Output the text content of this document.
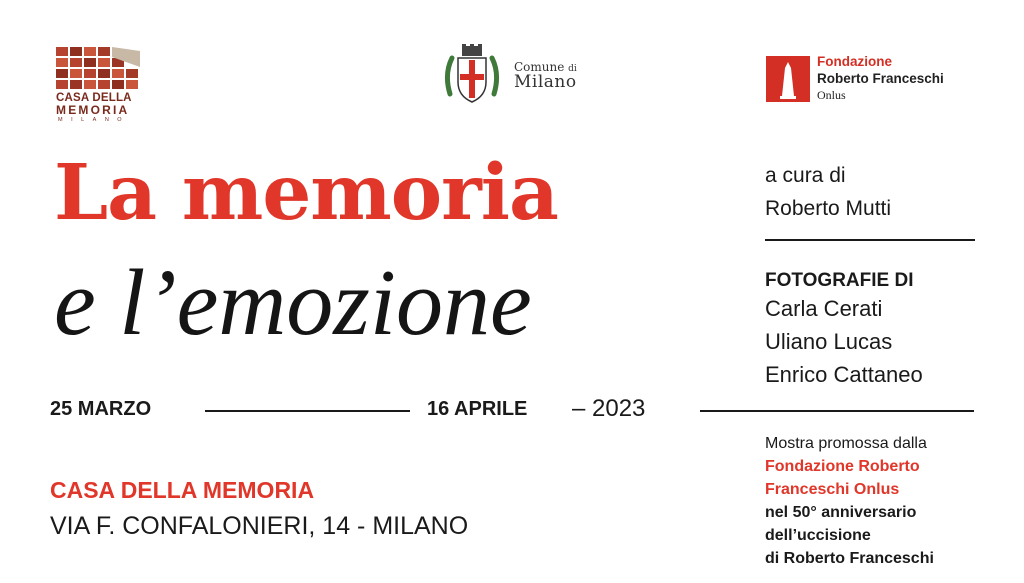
CASA DELLA
MEMORIA
MILANO
Comune di
Milano
Fondazione
Roberto Franceschi
Onlus
La memoria
e l’emozione
25 MARZO	16 APRILE – 2023
CASA DELLA MEMORIA
VIA F. CONFALONIERI, 14 - MILANO
a cura di
Roberto Mutti
FOTOGRAFIE DI
Carla Cerati
Uliano Lucas
Enrico Cattaneo
Mostra promossa dalla
Fondazione Roberto
Franceschi Onlus
nel 50° anniversario
dell’uccisione
di Roberto Franceschi
